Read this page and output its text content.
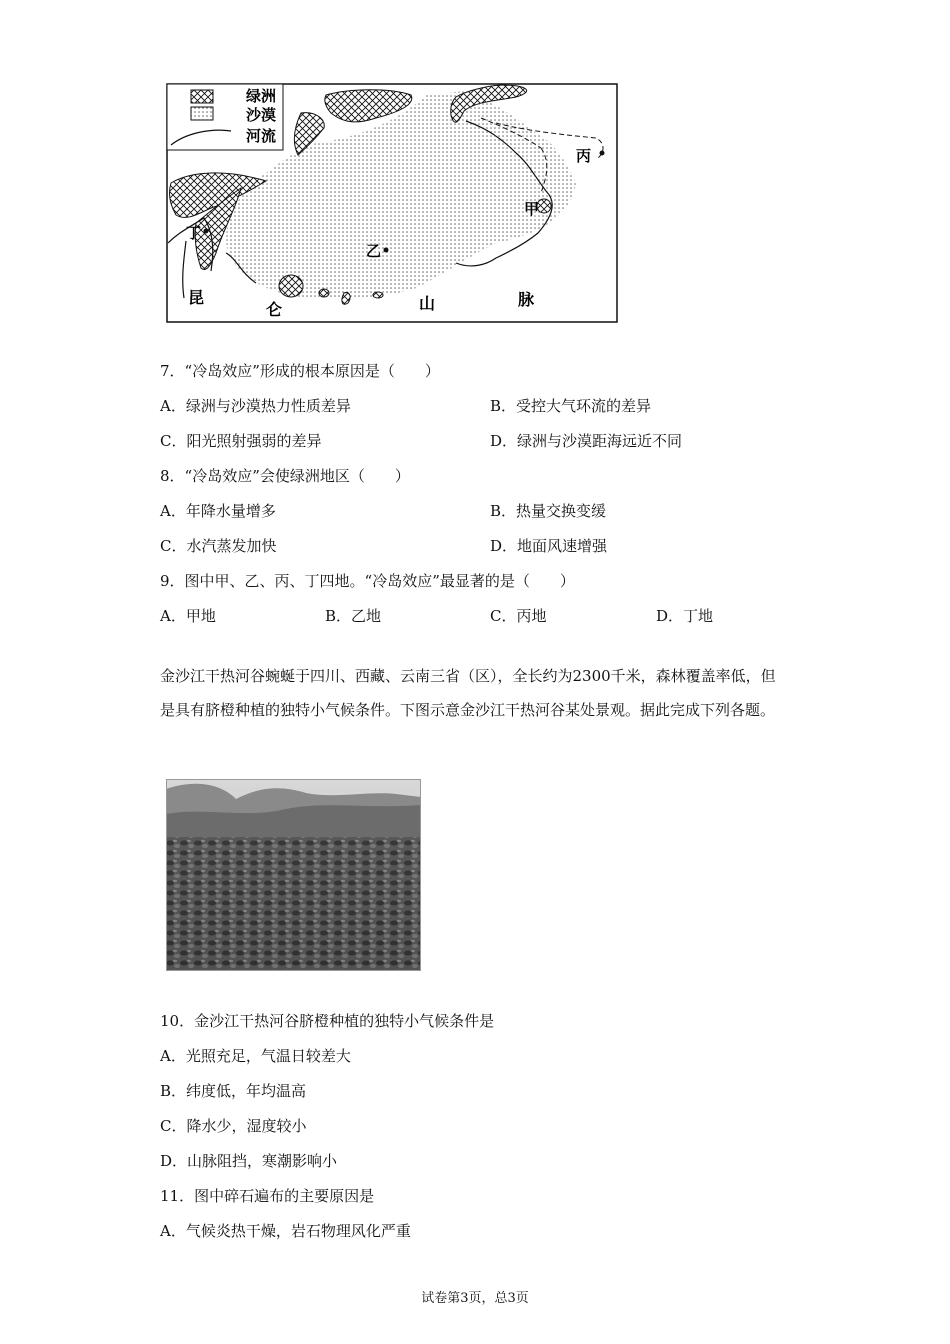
绿洲
沙漠
河流
丙
甲
丁
乙
昆
仑	山	脉
7．“冷岛效应”形成的根本原因是（　　）
A．绿洲与沙漠热力性质差异	B．受控大气环流的差异
C．阳光照射强弱的差异	D．绿洲与沙漠距海远近不同
8．“冷岛效应”会使绿洲地区（　　）
A．年降水量增多	B．热量交换变缓
C．水汽蒸发加快	D．地面风速增强
9．图中甲、乙、丙、丁四地。“冷岛效应”最显著的是（　　）
A．甲地	B．乙地	C．丙地	D．丁地
金沙江干热河谷蜿蜒于四川、西藏、云南三省（区），全长约为2300千米，森林覆盖率低，但是具有脐橙种植的独特小气候条件。下图示意金沙江干热河谷某处景观。据此完成下列各题。
10．金沙江干热河谷脐橙种植的独特小气候条件是
A．光照充足，气温日较差大
B．纬度低，年均温高
C．降水少，湿度较小
D．山脉阻挡，寒潮影响小
11．图中碎石遍布的主要原因是
A．气候炎热干燥，岩石物理风化严重
试卷第3页，总3页
